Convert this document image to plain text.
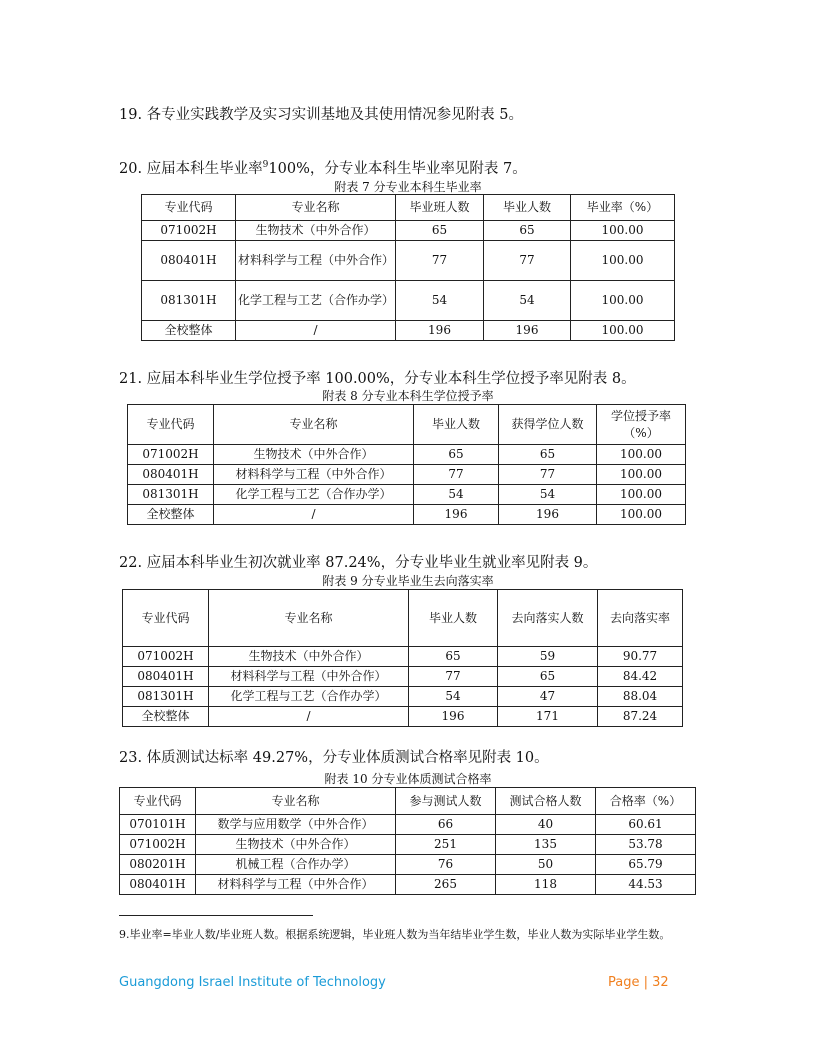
19. 各专业实践教学及实习实训基地及其使用情况参见附表 5。
20. 应届本科生毕业率$^9$100%，分专业本科生毕业率见附表 7。
附表 7 分专业本科生毕业率
专业代码	专业名称	毕业班人数	毕业人数	毕业率（%）
071002H	生物技术（中外合作）	65	65	100.00
080401H	材料科学与工程（中外合作）	77	77	100.00
081301H	化学工程与工艺（合作办学）	54	54	100.00
全校整体	/	196	196	100.00
21. 应届本科毕业生学位授予率 100.00%，分专业本科生学位授予率见附表 8。
附表 8 分专业本科生学位授予率
专业代码	专业名称	毕业人数	获得学位人数	学位授予率（%）
071002H	生物技术（中外合作）	65	65	100.00
080401H	材料科学与工程（中外合作）	77	77	100.00
081301H	化学工程与工艺（合作办学）	54	54	100.00
全校整体	/	196	196	100.00
22. 应届本科毕业生初次就业率 87.24%，分专业毕业生就业率见附表 9。
附表 9 分专业毕业生去向落实率
专业代码	专业名称	毕业人数	去向落实人数	去向落实率
071002H	生物技术（中外合作）	65	59	90.77
080401H	材料科学与工程（中外合作）	77	65	84.42
081301H	化学工程与工艺（合作办学）	54	47	88.04
全校整体	/	196	171	87.24
23. 体质测试达标率 49.27%，分专业体质测试合格率见附表 10。
附表 10 分专业体质测试合格率
专业代码	专业名称	参与测试人数	测试合格人数	合格率（%）
070101H	数学与应用数学（中外合作）	66	40	60.61
071002H	生物技术（中外合作）	251	135	53.78
080201H	机械工程（合作办学）	76	50	65.79
080401H	材料科学与工程（中外合作）	265	118	44.53
9.毕业率=毕业人数/毕业班人数。根据系统逻辑，毕业班人数为当年结毕业学生数，毕业人数为实际毕业学生数。
Guangdong Israel Institute of Technology	Page | 32
